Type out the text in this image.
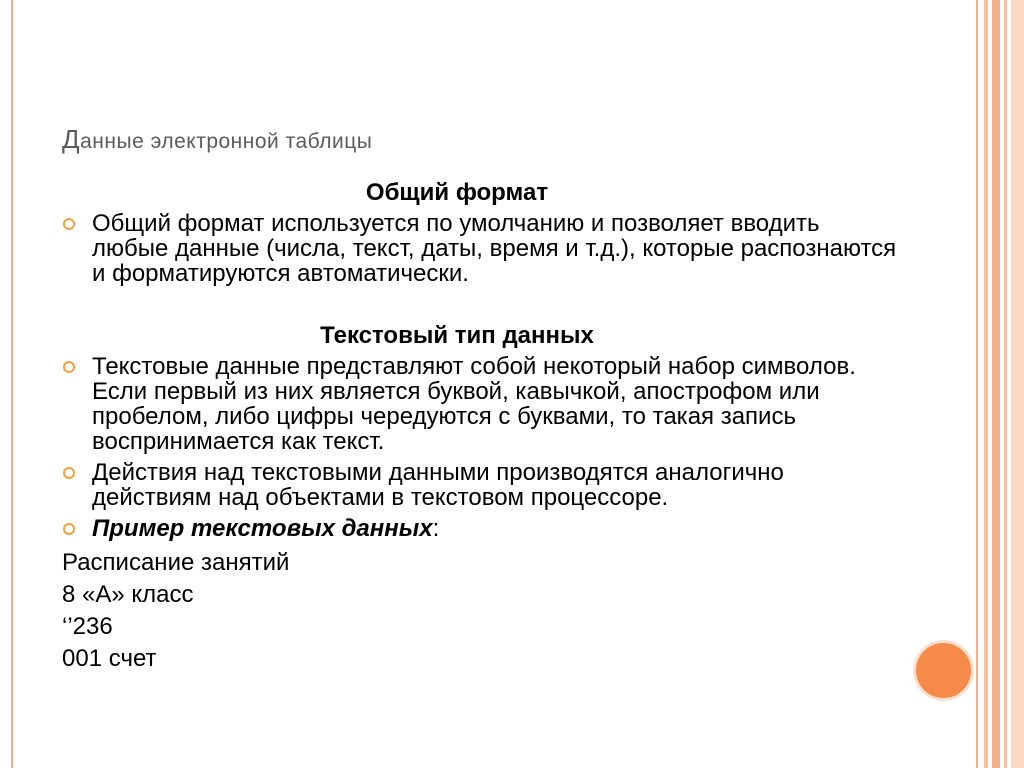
Данные электронной таблицы
Общий формат
Общий формат используется по умолчанию и позволяет вводить любые данные (числа, текст, даты, время и т.д.), которые распознаются и форматируются автоматически.
Текстовый тип данных
Текстовые данные представляют собой некоторый набор символов. Если первый из них является буквой, кавычкой, апострофом или пробелом, либо цифры чередуются с буквами, то такая запись воспринимается как текст.
Действия над текстовыми данными производятся аналогично действиям над объектами в текстовом процессоре.
Пример текстовых данных:
Расписание занятий
8 «А» класс
‘’236
001 счет
